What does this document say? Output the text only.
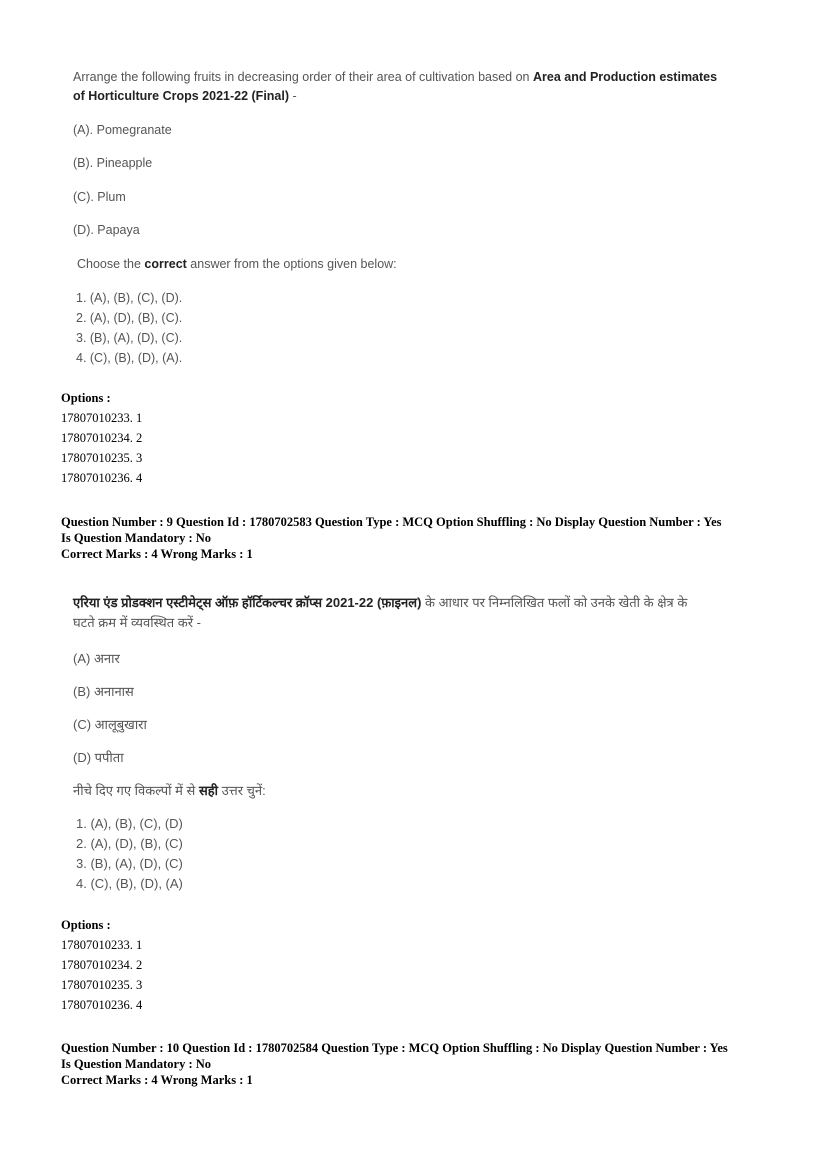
Arrange the following fruits in decreasing order of their area of cultivation based on Area and Production estimates
of Horticulture Crops 2021-22 (Final) -
(A). Pomegranate
(B). Pineapple
(C). Plum
(D). Papaya
Choose the correct answer from the options given below:
1. (A), (B), (C), (D).
2. (A), (D), (B), (C).
3. (B), (A), (D), (C).
4. (C), (B), (D), (A).
Options :
17807010233. 1
17807010234. 2
17807010235. 3
17807010236. 4
Question Number : 9 Question Id : 1780702583 Question Type : MCQ Option Shuffling : No Display Question Number : Yes
Is Question Mandatory : No
Correct Marks : 4 Wrong Marks : 1
एरिया एंड प्रोडक्शन एस्टीमेट्स ऑफ़ हॉर्टिकल्चर क्रॉप्स 2021-22 (फ़ाइनल) के आधार पर निम्नलिखित फलों को उनके खेती के क्षेत्र के
घटते क्रम में व्यवस्थित करें -
(A) अनार
(B) अनानास
(C) आलूबुखारा
(D) पपीता
नीचे दिए गए विकल्पों में से सही उत्तर चुनें:
1. (A), (B), (C), (D)
2. (A), (D), (B), (C)
3. (B), (A), (D), (C)
4. (C), (B), (D), (A)
Options :
17807010233. 1
17807010234. 2
17807010235. 3
17807010236. 4
Question Number : 10 Question Id : 1780702584 Question Type : MCQ Option Shuffling : No Display Question Number : Yes
Is Question Mandatory : No
Correct Marks : 4 Wrong Marks : 1
